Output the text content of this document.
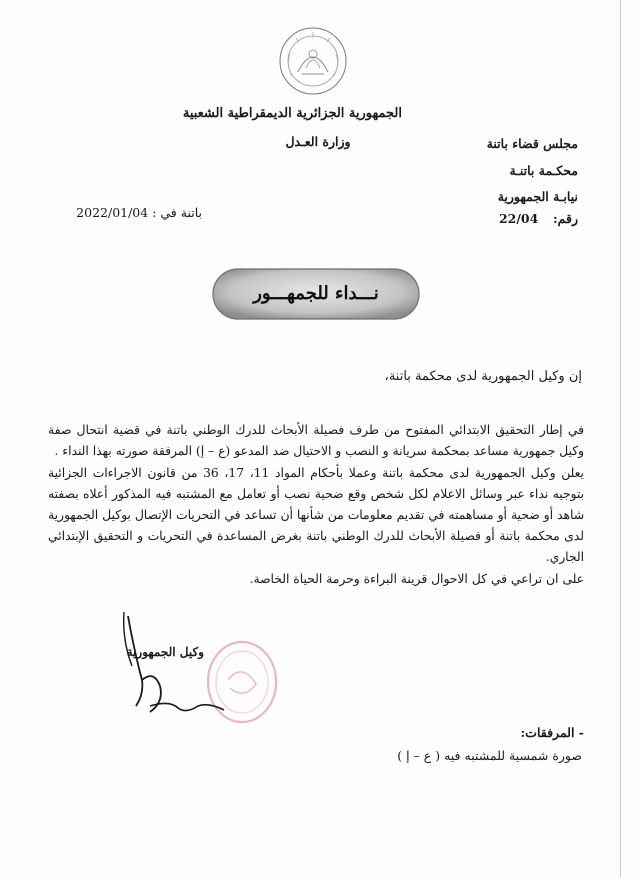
الجمهورية الجزائرية الديمقراطية الشعبية
وزارة العـدل	مجلس قضاء باتنة
محكـمة باتنـة
نيابـة الجمهورية
رقم:  22/04
باتنة في : 2022/01/04
نـــداء للجمهـــور
إن وكيل الجمهورية لدى محكمة باتنة،
في إطار التحقيق الابتدائي المفتوح من طرف فصيلة الأبحاث للدرك الوطني باتنة في قضية انتحال صفة وكيل جمهورية مساعد بمحكمة سريانة و النصب و الاحتيال ضد المدعو (ع – إ) المرفقة صورته بهذا النداء .
يعلن وكيل الجمهورية لدى محكمة باتنة وعملا بأحكام المواد 11، 17، 36 من قانون الاجراءات الجزائية بتوجيه نداء عبر وسائل الاعلام لكل شخص وقع ضحية نصب أو تعامل مع المشتبه فيه المذكور أعلاه بصفته شاهد أو ضحية أو مساهمته في تقديم معلومات من شأنها أن تساعد في التحريات الإتصال بوكيل الجمهورية لدى محكمة باتنة أو فصيلة الأبحاث للدرك الوطني باتنة بغرض المساعدة في التحريات و التحقيق الإبتدائي الجاري.
على ان تراعي في كل الاحوال قرينة البراءة وحرمة الحياة الخاصة.
وكيل الجمهورية
- المرفقات:
صورة شمسية للمشتبه فيه ( ع – إ )
